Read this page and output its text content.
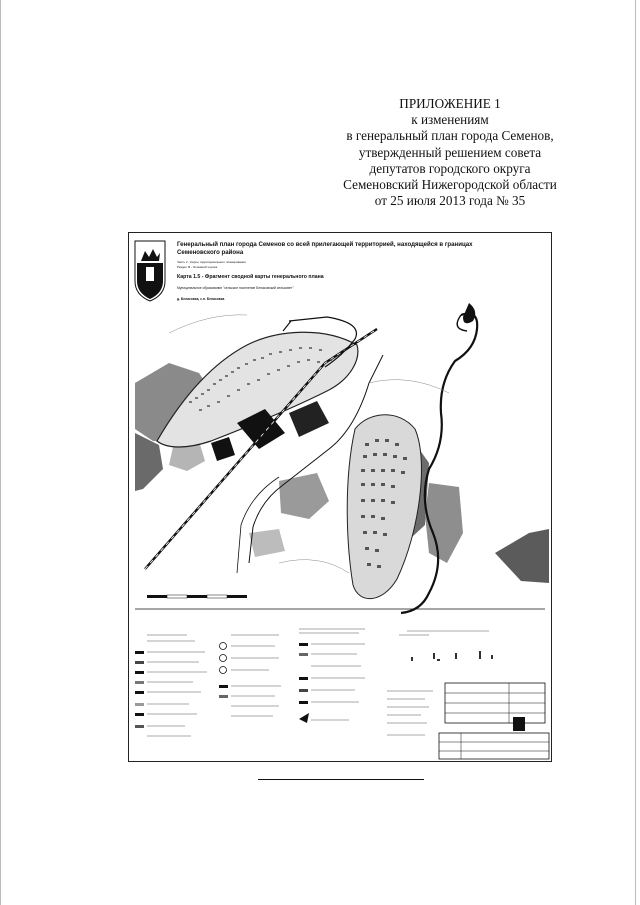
ПРИЛОЖЕНИЕ 1
к изменениям
в генеральный план города Семенов,
утвержденный решением совета
депутатов городского округа
Семеновский Нижегородской области
от 25 июля 2013 года № 35
Генеральный план города Семенов со всей прилегающей территорией, находящейся в границах
Семеновского района
Часть 2 - Карты территориального планирования
Раздел III - Основной чертеж
Карта 1.5 - Фрагмент сводной карты генерального плана
Муниципальное образование "сельское поселение Беласовский сельсовет"
д. Беласовка, с.п. Беласовка
